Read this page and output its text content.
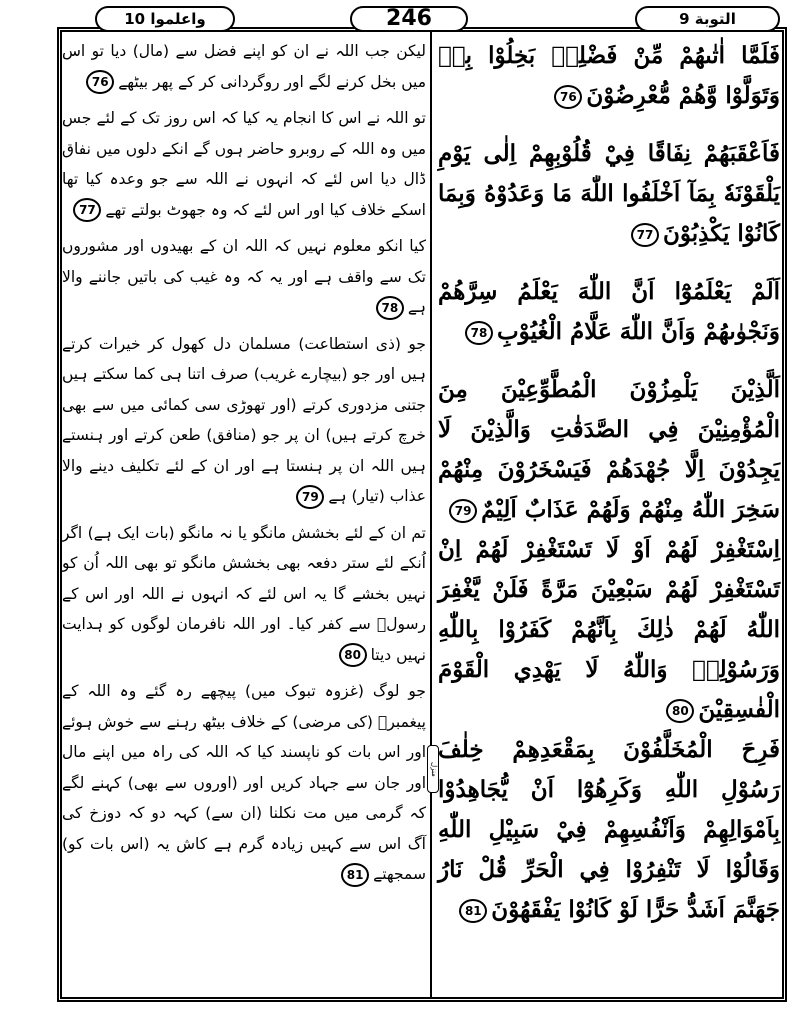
التوبة 9
246
واعلموا 10
منزل

فَلَمَّا اٰتٰىهُمْ مِّنْ فَضْلِهٖ بَخِلُوْا بِهٖ وَتَوَلَّوْا وَّهُمْ مُّعْرِضُوْنَ76

فَاَعْقَبَهُمْ نِفَاقًا فِيْ قُلُوْبِهِمْ اِلٰى يَوْمِ يَلْقَوْنَهٗ بِمَآ اَخْلَفُوا اللّٰهَ مَا وَعَدُوْهُ وَبِمَا كَانُوْا يَكْذِبُوْنَ77

اَلَمْ يَعْلَمُوْٓا اَنَّ اللّٰهَ يَعْلَمُ سِرَّهُمْ وَنَجْوٰىهُمْ وَاَنَّ اللّٰهَ عَلَّامُ الْغُيُوْبِ78

اَلَّذِيْنَ يَلْمِزُوْنَ الْمُطَّوِّعِيْنَ مِنَ الْمُؤْمِنِيْنَ فِي الصَّدَقٰتِ وَالَّذِيْنَ لَا يَجِدُوْنَ اِلَّا جُهْدَهُمْ فَيَسْخَرُوْنَ مِنْهُمْ سَخِرَ اللّٰهُ مِنْهُمْ وَلَهُمْ عَذَابٌ اَلِيْمٌ79

اِسْتَغْفِرْ لَهُمْ اَوْ لَا تَسْتَغْفِرْ لَهُمْ اِنْ تَسْتَغْفِرْ لَهُمْ سَبْعِيْنَ مَرَّةً فَلَنْ يَّغْفِرَ اللّٰهُ لَهُمْ ذٰلِكَ بِاَنَّهُمْ كَفَرُوْا بِاللّٰهِ وَرَسُوْلِهٖ وَاللّٰهُ لَا يَهْدِي الْقَوْمَ الْفٰسِقِيْنَ80

فَرِحَ الْمُخَلَّفُوْنَ بِمَقْعَدِهِمْ خِلٰفَ رَسُوْلِ اللّٰهِ وَكَرِهُوْٓا اَنْ يُّجَاهِدُوْا بِاَمْوَالِهِمْ وَاَنْفُسِهِمْ فِيْ سَبِيْلِ اللّٰهِ وَقَالُوْا لَا تَنْفِرُوْا فِي الْحَرِّ قُلْ نَارُ جَهَنَّمَ اَشَدُّ حَرًّا لَوْ كَانُوْا يَفْقَهُوْنَ81

لیکن جب اللہ نے ان کو اپنے فضل سے (مال) دیا تو اس میں بخل کرنے لگے اور روگردانی کر کے پھر بیٹھے76

تو اللہ نے اس کا انجام یہ کیا کہ اس روز تک کے لئے جس میں وہ اللہ کے روبرو حاضر ہوں گے انکے دلوں میں نفاق ڈال دیا اس لئے کہ انہوں نے اللہ سے جو وعدہ کیا تھا اسکے خلاف کیا اور اس لئے کہ وہ جھوٹ بولتے تھے77

کیا انکو معلوم نہیں کہ اللہ ان کے بھیدوں اور مشوروں تک سے واقف ہے اور یہ کہ وہ غیب کی باتیں جاننے والا ہے78

جو (ذی استطاعت) مسلمان دل کھول کر خیرات کرتے ہیں اور جو (بیچارے غریب) صرف اتنا ہی کما سکتے ہیں جتنی مزدوری کرتے (اور تھوڑی سی کمائی میں سے بھی خرچ کرتے ہیں) ان پر جو (منافق) طعن کرتے اور ہنستے ہیں اللہ ان پر ہنستا ہے اور ان کے لئے تکلیف دینے والا عذاب (تیار) ہے79

تم ان کے لئے بخشش مانگو یا نہ مانگو (بات ایک ہے) اگر اُنکے لئے ستر دفعہ بھی بخشش مانگو تو بھی اللہ اُن کو نہیں بخشے گا یہ اس لئے کہ انہوں نے اللہ اور اس کے رسولؐ سے کفر کیا۔ اور اللہ نافرمان لوگوں کو ہدایت نہیں دیتا80

جو لوگ (غزوہ تبوک میں) پیچھے رہ گئے وہ اللہ کے پیغمبرؐ (کی مرضی) کے خلاف بیٹھ رہنے سے خوش ہوئے اور اس بات کو ناپسند کیا کہ اللہ کی راہ میں اپنے مال اور جان سے جہاد کریں اور (اوروں سے بھی) کہنے لگے کہ گرمی میں مت نکلنا (ان سے) کہہ دو کہ دوزخ کی آگ اس سے کہیں زیادہ گرم ہے کاش یہ (اس بات کو) سمجھتے81
